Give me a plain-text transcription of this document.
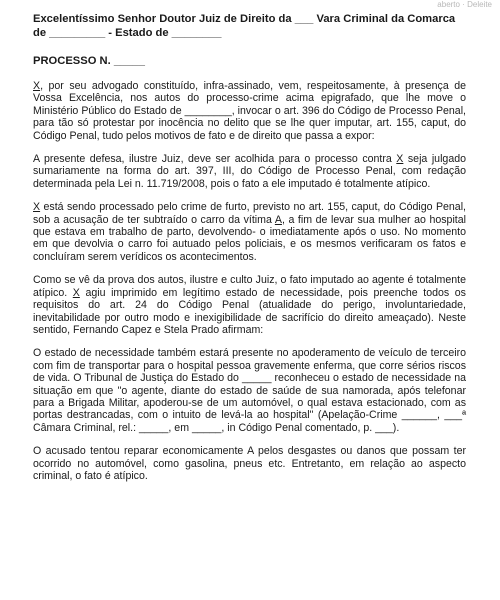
aberto · Deleite
Excelentíssimo Senhor Doutor Juiz de Direito da ___ Vara Criminal da Comarca de _________ - Estado de ________
PROCESSO N. _____

X, por seu advogado constituído, infra-assinado, vem, respeitosamente, à presença de Vossa Excelência, nos autos do processo-crime acima epigrafado, que lhe move o Ministério Público do Estado de ________, invocar o art. 396 do Código de Processo Penal, para tão só protestar por inocência no delito que se lhe quer imputar, art. 155, caput, do Código Penal, tudo pelos motivos de fato e de direito que passa a expor:

A presente defesa, ilustre Juiz, deve ser acolhida para o processo contra X seja julgado sumariamente na forma do art. 397, III, do Código de Processo Penal, com redação determinada pela Lei n. 11.719/2008, pois o fato a ele imputado é totalmente atípico.

X está sendo processado pelo crime de furto, previsto no art. 155, caput, do Código Penal, sob a acusação de ter subtraído o carro da vítima A, a fim de levar sua mulher ao hospital que estava em trabalho de parto, devolvendo- o imediatamente após o uso. No momento em que devolvia o carro foi autuado pelos policiais, e os mesmos verificaram os fatos e concluíram serem verídicos os acontecimentos.

Como se vê da prova dos autos, ilustre e culto Juiz, o fato imputado ao agente é totalmente atípico. X agiu imprimido em legítimo estado de necessidade, pois preenche todos os requisitos do art. 24 do Código Penal (atualidade do perigo, involuntariedade, inevitabilidade por outro modo e inexigibilidade de sacrifício do direito ameaçado). Neste sentido, Fernando Capez e Stela Prado afirmam:

O estado de necessidade também estará presente no apoderamento de veículo de terceiro com fim de transportar para o hospital pessoa gravemente enferma, que corre sérios riscos de vida. O Tribunal de Justiça do Estado do _____ reconheceu o estado de necessidade na situação em que "o agente, diante do estado de saúde de sua namorada, após telefonar para a Brigada Militar, apoderou-se de um automóvel, o qual estava estacionado, com as portas destrancadas, com o intuito de levá-la ao hospital" (Apelação-Crime ______, ___ª Câmara Criminal, rel.: _____, em _____, in Código Penal comentado, p. ___).

O acusado tentou reparar economicamente A pelos desgastes ou danos que possam ter ocorrido no automóvel, como gasolina, pneus etc. Entretanto, em relação ao aspecto criminal, o fato é atípico.
